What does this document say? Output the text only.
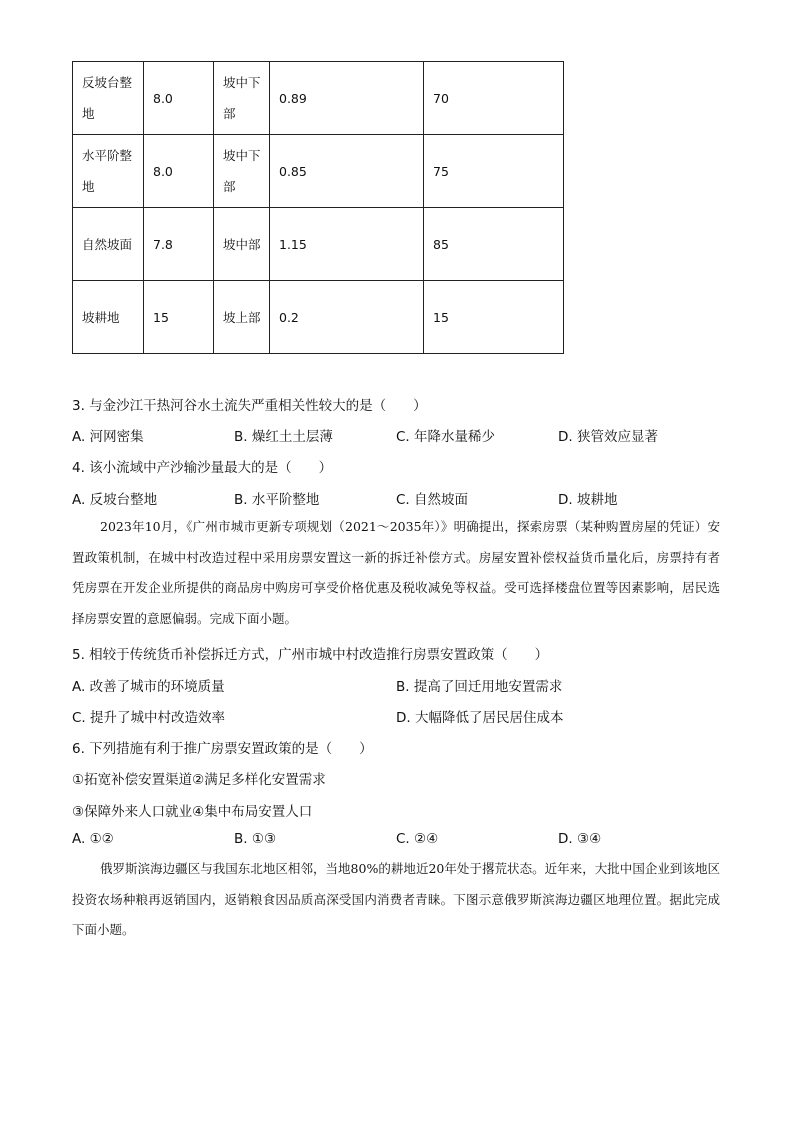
反坡台整地	8.0	坡中下部	0.89	70
水平阶整地	8.0	坡中下部	0.85	75
自然坡面	7.8	坡中部	1.15	85
坡耕地	15	坡上部	0.2	15
3. 与金沙江干热河谷水土流失严重相关性较大的是（　　）
A. 河网密集	B. 燥红土土层薄	C. 年降水量稀少	D. 狭管效应显著
4. 该小流域中产沙输沙量最大的是（　　）
A. 反坡台整地	B. 水平阶整地	C. 自然坡面	D. 坡耕地

2023年10月，《广州市城市更新专项规划（2021～2035年）》明确提出，探索房票（某种购置房屋的凭证）安置政策机制，在城中村改造过程中采用房票安置这一新的拆迁补偿方式。房屋安置补偿权益货币量化后，房票持有者凭房票在开发企业所提供的商品房中购房可享受价格优惠及税收减免等权益。受可选择楼盘位置等因素影响，居民选择房票安置的意愿偏弱。完成下面小题。

5. 相较于传统货币补偿拆迁方式，广州市城中村改造推行房票安置政策（　　）
A. 改善了城市的环境质量	B. 提高了回迁用地安置需求
C. 提升了城中村改造效率	D. 大幅降低了居民居住成本
6. 下列措施有利于推广房票安置政策的是（　　）
①拓宽补偿安置渠道②满足多样化安置需求
③保障外来人口就业④集中布局安置人口
A. ①②	B. ①③	C. ②④	D. ③④

俄罗斯滨海边疆区与我国东北地区相邻，当地80%的耕地近20年处于撂荒状态。近年来，大批中国企业到该地区投资农场种粮再返销国内，返销粮食因品质高深受国内消费者青睐。下图示意俄罗斯滨海边疆区地理位置。据此完成下面小题。
